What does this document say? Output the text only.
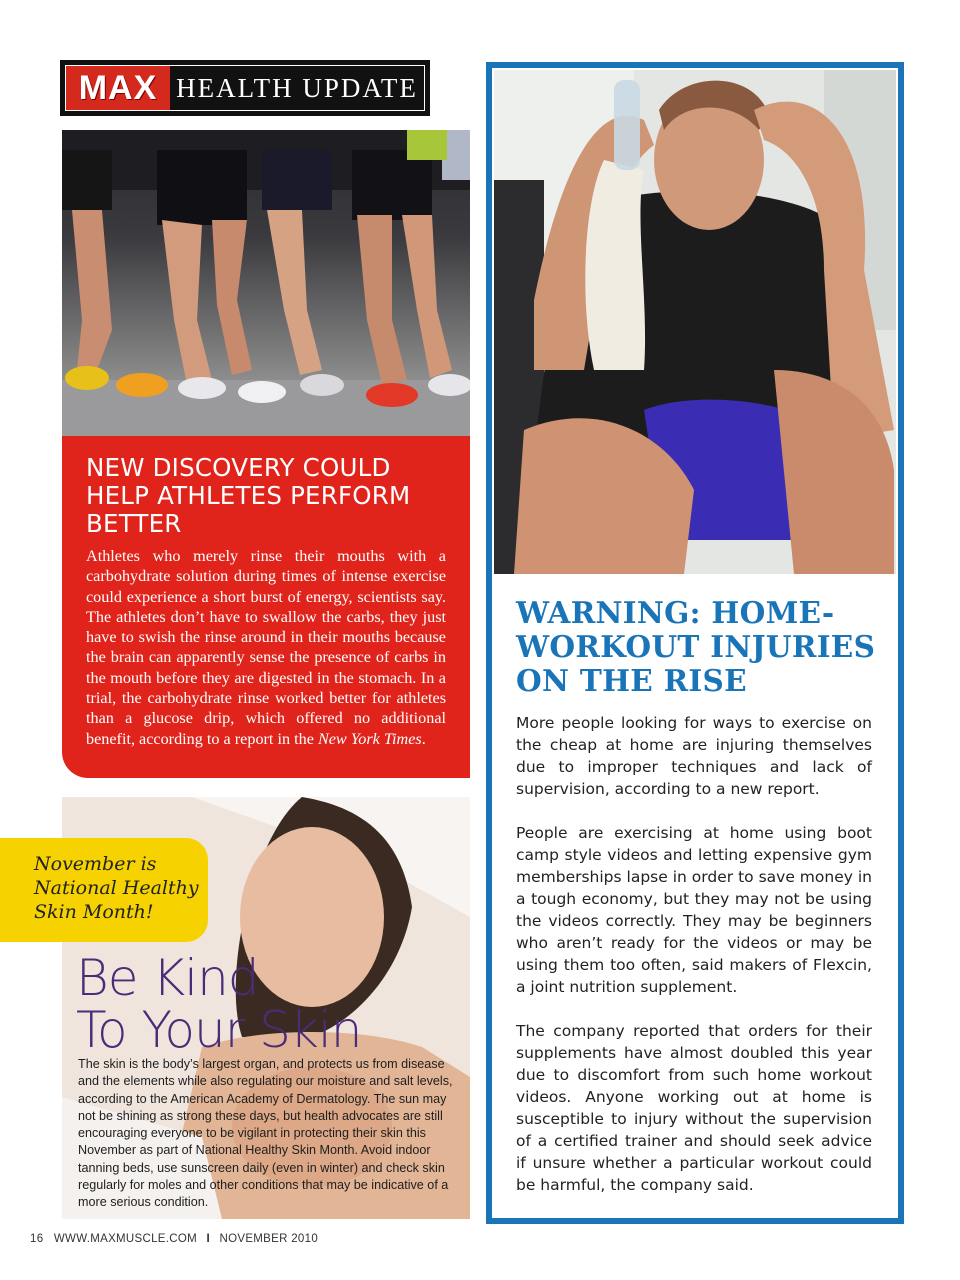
MAX HEALTH UPDATE
NEW DISCOVERY COULD HELP ATHLETES PERFORM BETTER

Athletes who merely rinse their mouths with a carbohydrate solution during times of intense exercise could experience a short burst of energy, scientists say. The athletes don’t have to swallow the carbs, they just have to swish the rinse around in their mouths because the brain can apparently sense the presence of carbs in the mouth before they are digested in the stomach. In a trial, the carbohydrate rinse worked better for athletes than a glucose drip, which offered no additional benefit, according to a report in the New York Times.

November is
National Healthy
Skin Month!

Be Kind
To Your Skin

The skin is the body’s largest organ, and protects us from disease and the elements while also regulating our moisture and salt levels, according to the American Academy of Dermatology. The sun may not be shining as strong these days, but health advocates are still encouraging everyone to be vigilant in protecting their skin this November as part of National Healthy Skin Month. Avoid indoor tanning beds, use sunscreen daily (even in winter) and check skin regularly for moles and other conditions that may be indicative of a more serious condition.

WARNING: HOME-WORKOUT INJURIES ON THE RISE

More people looking for ways to exercise on the cheap at home are injuring themselves due to improper techniques and lack of supervision, according to a new report.

People are exercising at home using boot camp style videos and letting expensive gym memberships lapse in order to save money in a tough economy, but they may not be using the videos correctly. They may be beginners who aren’t ready for the videos or may be using them too often, said makers of Flexcin, a joint nutrition supplement.

The company reported that orders for their supplements have almost doubled this year due to discomfort from such home workout videos. Anyone working out at home is susceptible to injury without the supervision of a certified trainer and should seek advice if unsure whether a particular workout could be harmful, the company said.

16 WWW.MAXMUSCLE.COM I NOVEMBER 2010
